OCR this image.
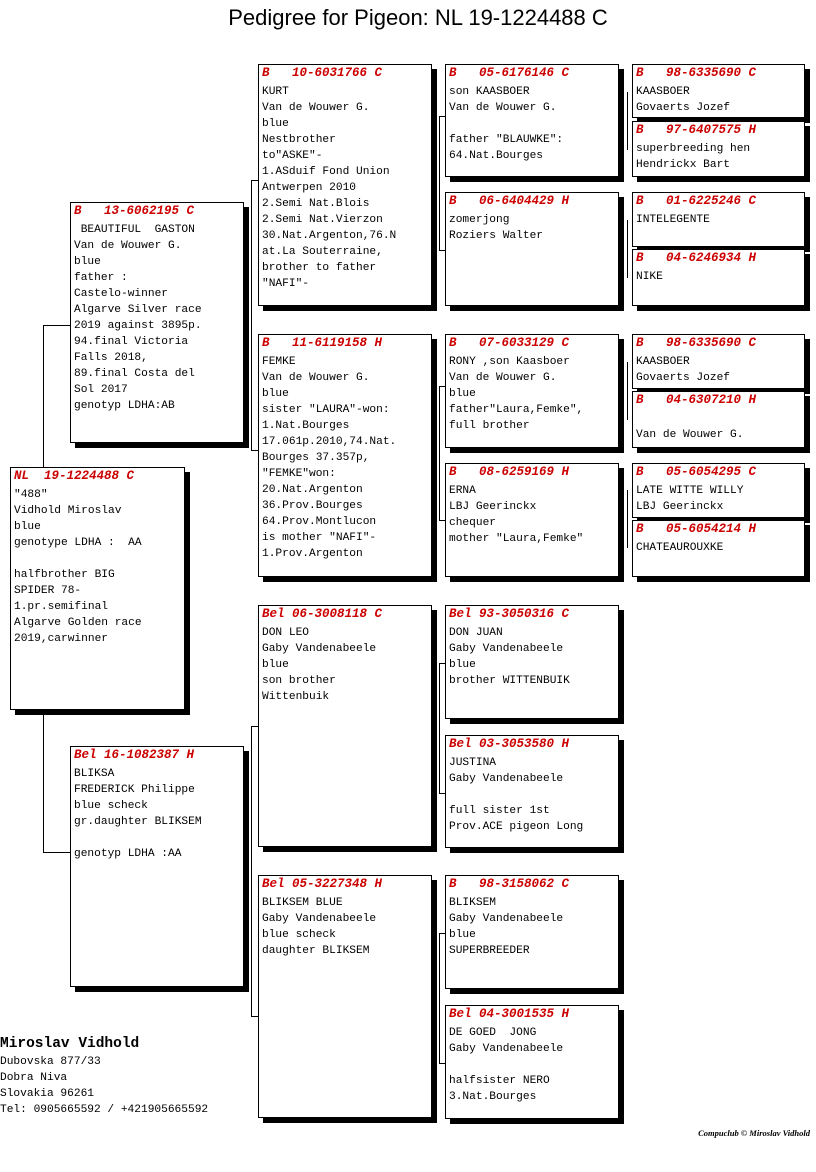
Pedigree for Pigeon: NL 19-1224488 C
NL  19-1224488 C
"488"
Vidhold Miroslav
blue
genotype LDHA :  AA

halfbrother BIG
SPIDER 78-
1.pr.semifinal
Algarve Golden race
2019,carwinner
B   13-6062195 C
BEAUTIFUL  GASTON
Van de Wouwer G.
blue
father :
Castelo-winner
Algarve Silver race
2019 against 3895p.
94.final Victoria
Falls 2018,
89.final Costa del
Sol 2017
genotyp LDHA:AB
Bel 16-1082387 H
BLIKSA
FREDERICK Philippe
blue scheck
gr.daughter BLIKSEM

genotyp LDHA :AA
B   10-6031766 C
KURT
Van de Wouwer G.
blue
Nestbrother
to"ASKE"-
1.ASduif Fond Union
Antwerpen 2010
2.Semi Nat.Blois
2.Semi Nat.Vierzon
30.Nat.Argenton,76.N
at.La Souterraine,
brother to father
"NAFI"-
B   11-6119158 H
FEMKE
Van de Wouwer G.
blue
sister "LAURA"-won:
1.Nat.Bourges
17.061p.2010,74.Nat.
Bourges 37.357p,
"FEMKE"won:
20.Nat.Argenton
36.Prov.Bourges
64.Prov.Montlucon
is mother "NAFI"-
1.Prov.Argenton
Bel 06-3008118 C
DON LEO
Gaby Vandenabeele
blue
son brother
Wittenbuik
Bel 05-3227348 H
BLIKSEM BLUE
Gaby Vandenabeele
blue scheck
daughter BLIKSEM
B   05-6176146 C
son KAASBOER
Van de Wouwer G.

father "BLAUWKE":
64.Nat.Bourges
B   06-6404429 H
zomerjong
Roziers Walter
B   07-6033129 C
RONY ,son Kaasboer
Van de Wouwer G.
blue
father"Laura,Femke",
full brother
B   08-6259169 H
ERNA
LBJ Geerinckx
chequer
mother "Laura,Femke"
Bel 93-3050316 C
DON JUAN
Gaby Vandenabeele
blue
brother WITTENBUIK
Bel 03-3053580 H
JUSTINA
Gaby Vandenabeele

full sister 1st
Prov.ACE pigeon Long
B   98-3158062 C
BLIKSEM
Gaby Vandenabeele
blue
SUPERBREEDER
Bel 04-3001535 H
DE GOED  JONG
Gaby Vandenabeele

halfsister NERO
3.Nat.Bourges
B   98-6335690 C
KAASBOER
Govaerts Jozef
B   97-6407575 H
superbreeding hen
Hendrickx Bart
B   01-6225246 C
INTELEGENTE
B   04-6246934 H
NIKE
B   98-6335690 C
KAASBOER
Govaerts Jozef
B   04-6307210 H

Van de Wouwer G.
B   05-6054295 C
LATE WITTE WILLY
LBJ Geerinckx
B   05-6054214 H
CHATEAUROUXKE
Miroslav Vidhold
Dubovska 877/33
Dobra Niva
Slovakia 96261
Tel: 0905665592 / +421905665592
Compuclub © Miroslav Vidhold
